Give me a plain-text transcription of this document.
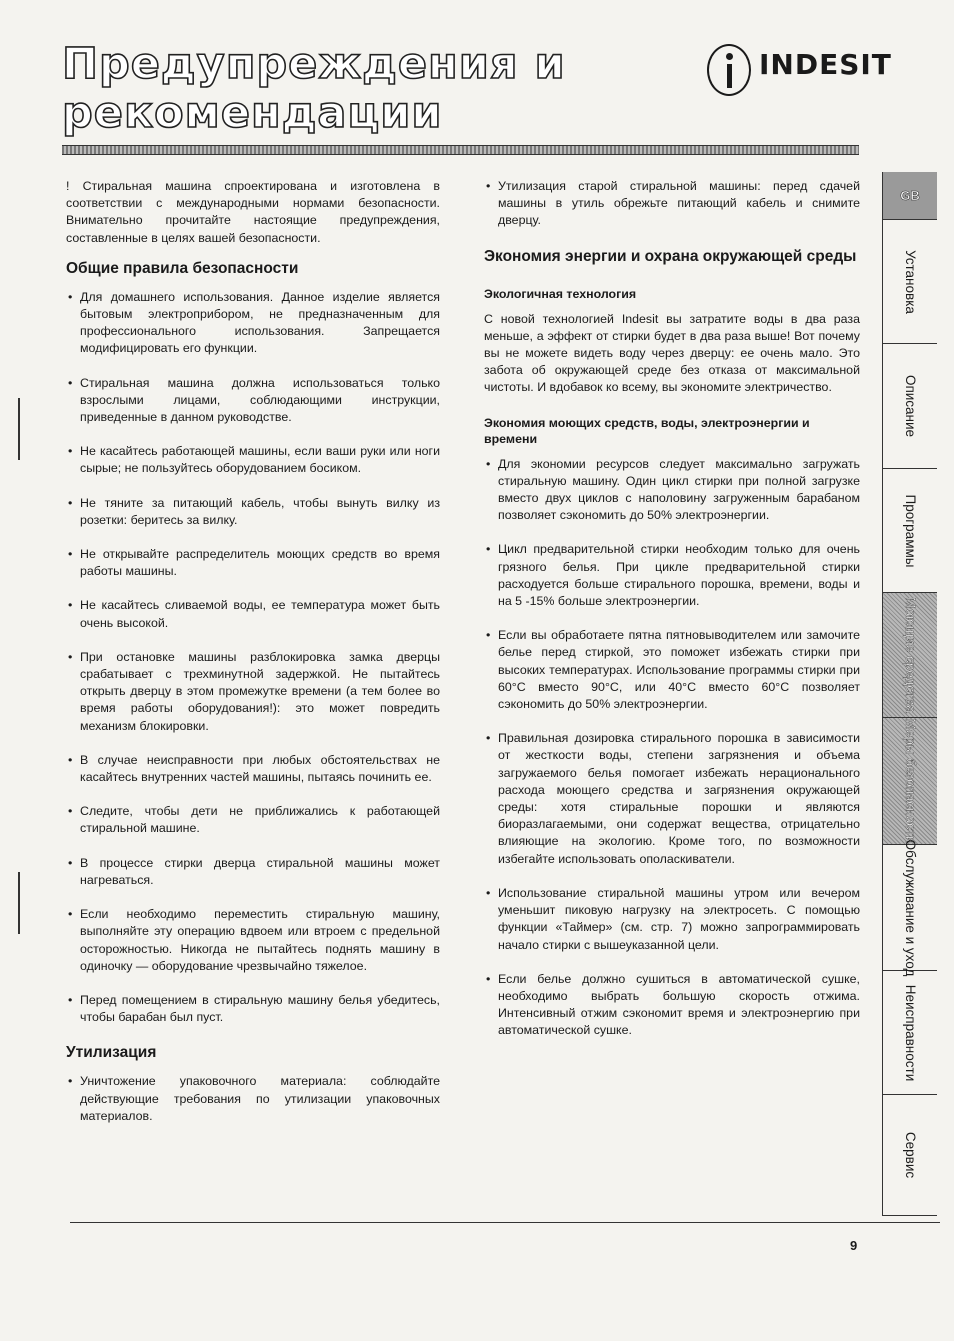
Предупреждения и
рекомендации
INDESIT

! Стиральная машина спроектирована и изготовлена в соответствии с международными нормами безопасности. Внимательно прочитайте настоящие предупреждения, составленные в целях вашей безопасности.

Общие правила безопасности
• Для домашнего использования. Данное изделие является бытовым электроприбором, не предназначенным для профессионального использования. Запрещается модифицировать его функции.
• Стиральная машина должна использоваться только взрослыми лицами, соблюдающими инструкции, приведенные в данном руководстве.
• Не касайтесь работающей машины, если ваши руки или ноги сырые; не пользуйтесь оборудованием босиком.
• Не тяните за питающий кабель, чтобы вынуть вилку из розетки: беритесь за вилку.
• Не открывайте распределитель моющих средств во время работы машины.
• Не касайтесь сливаемой воды, ее температура может быть очень высокой.
• При остановке машины разблокировка замка дверцы срабатывает с трехминутной задержкой. Не пытайтесь открыть дверцу в этом промежутке времени (а тем более во время работы оборудования!): это может повредить механизм блокировки.
• В случае неисправности при любых обстоятельствах не касайтесь внутренних частей машины, пытаясь починить ее.
• Следите, чтобы дети не приближались к работающей стиральной машине.
• В процессе стирки дверца стиральной машины может нагреваться.
• Если необходимо переместить стиральную машину, выполняйте эту операцию вдвоем или втроем с предельной осторожностью. Никогда не пытайтесь поднять машину в одиночку — оборудование чрезвычайно тяжелое.
• Перед помещением в стиральную машину белья убедитесь, чтобы барабан был пуст.
Утилизация
• Уничтожение упаковочного материала: соблюдайте действующие требования по утилизации упаковочных материалов.
• Утилизация старой стиральной машины: перед сдачей машины в утиль обрежьте питающий кабель и снимите дверцу.
Экономия энергии и охрана окружающей среды
Экологичная технология

С новой технологией Indesit вы затратите воды в два раза меньше, а эффект от стирки будет в два раза выше! Вот почему вы не можете видеть воду через дверцу: ее очень мало. Это забота об окружающей среде без отказа от максимальной чистоты. И вдобавок ко всему, вы экономите электричество.

Экономия моющих средств, воды, электроэнергии и времени
• Для экономии ресурсов следует максимально загружать стиральную машину. Один цикл стирки при полной загрузке вместо двух циклов с наполовину загруженным барабаном позволяет сэкономить до 50% электроэнергии.
• Цикл предварительной стирки необходим только для очень грязного белья. При цикле предварительной стирки расходуется больше стирального порошка, времени, воды и на 5 -15% больше электроэнергии.
• Если вы обработаете пятна пятновыводителем или замочите белье перед стиркой, это поможет избежать стирки при высоких температурах. Использование программы стирки при 60°С вместо 90°С, или 40°С вместо 60°С позволяет сэкономить до 50% электроэнергии.
• Правильная дозировка стирального порошка в зависимости от жесткости воды, степени загрязнения и объема загружаемого белья помогает избежать нерационального расхода моющего средства и загрязнения окружающей среды: хотя стиральные порошки и являются биоразлагаемыми, они содержат вещества, отрицательно влияющие на экологию. Кроме того, по возможности избегайте использовать ополаскиватели.
• Использование стиральной машины утром или вечером уменьшит пиковую нагрузку на электросеть. С помощью функции «Таймер» (см. стр. 7) можно запрограммировать начало стирки с вышеуказанной цели.
• Если белье должно сушиться в автоматической сушке, необходимо выбрать большую скорость отжима. Интенсивный отжим сэкономит время и электроэнергию при автоматической сушке.
GB
Установка
Описание
Программы
Моющие средства
Меры безопасности
Обслуживание и уход
Неисправности
Сервис
9
